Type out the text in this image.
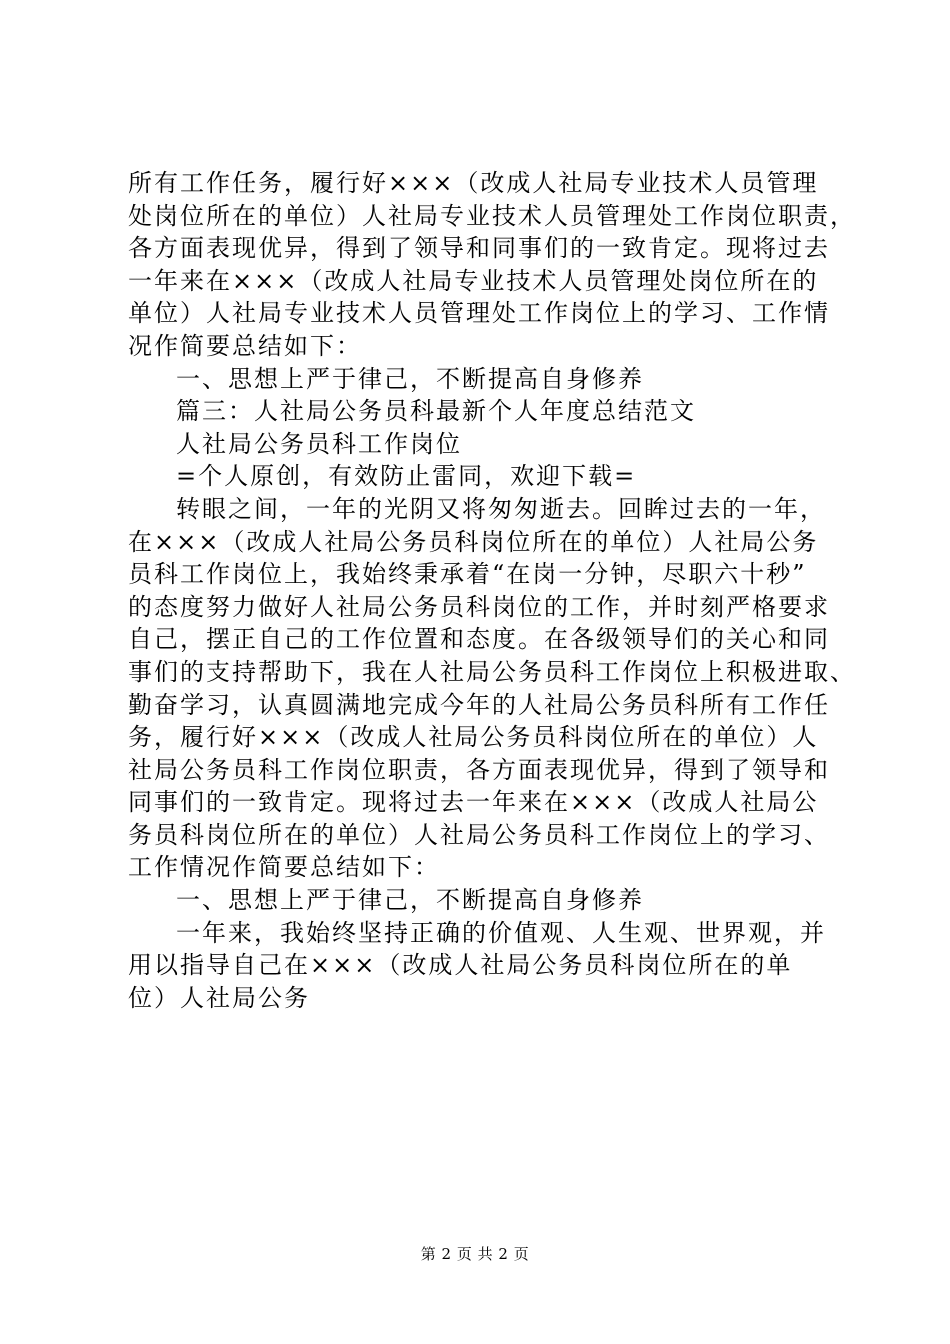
所有工作任务，履行好×××（改成人社局专业技术人员管理
处岗位所在的单位）人社局专业技术人员管理处工作岗位职责，
各方面表现优异，得到了领导和同事们的一致肯定。现将过去
一年来在×××（改成人社局专业技术人员管理处岗位所在的
单位）人社局专业技术人员管理处工作岗位上的学习、工作情
况作简要总结如下：
一、思想上严于律己，不断提高自身修养
篇三：人社局公务员科最新个人年度总结范文
人社局公务员科工作岗位
=个人原创，有效防止雷同，欢迎下载=
转眼之间，一年的光阴又将匆匆逝去。回眸过去的一年，
在×××（改成人社局公务员科岗位所在的单位）人社局公务
员科工作岗位上，我始终秉承着“在岗一分钟，尽职六十秒”
的态度努力做好人社局公务员科岗位的工作，并时刻严格要求
自己，摆正自己的工作位置和态度。在各级领导们的关心和同
事们的支持帮助下，我在人社局公务员科工作岗位上积极进取、
勤奋学习，认真圆满地完成今年的人社局公务员科所有工作任
务，履行好×××（改成人社局公务员科岗位所在的单位）人
社局公务员科工作岗位职责，各方面表现优异，得到了领导和
同事们的一致肯定。现将过去一年来在×××（改成人社局公
务员科岗位所在的单位）人社局公务员科工作岗位上的学习、
工作情况作简要总结如下：
一、思想上严于律己，不断提高自身修养
一年来，我始终坚持正确的价值观、人生观、世界观，并
用以指导自己在×××（改成人社局公务员科岗位所在的单
位）人社局公务
第 2 页 共 2 页
